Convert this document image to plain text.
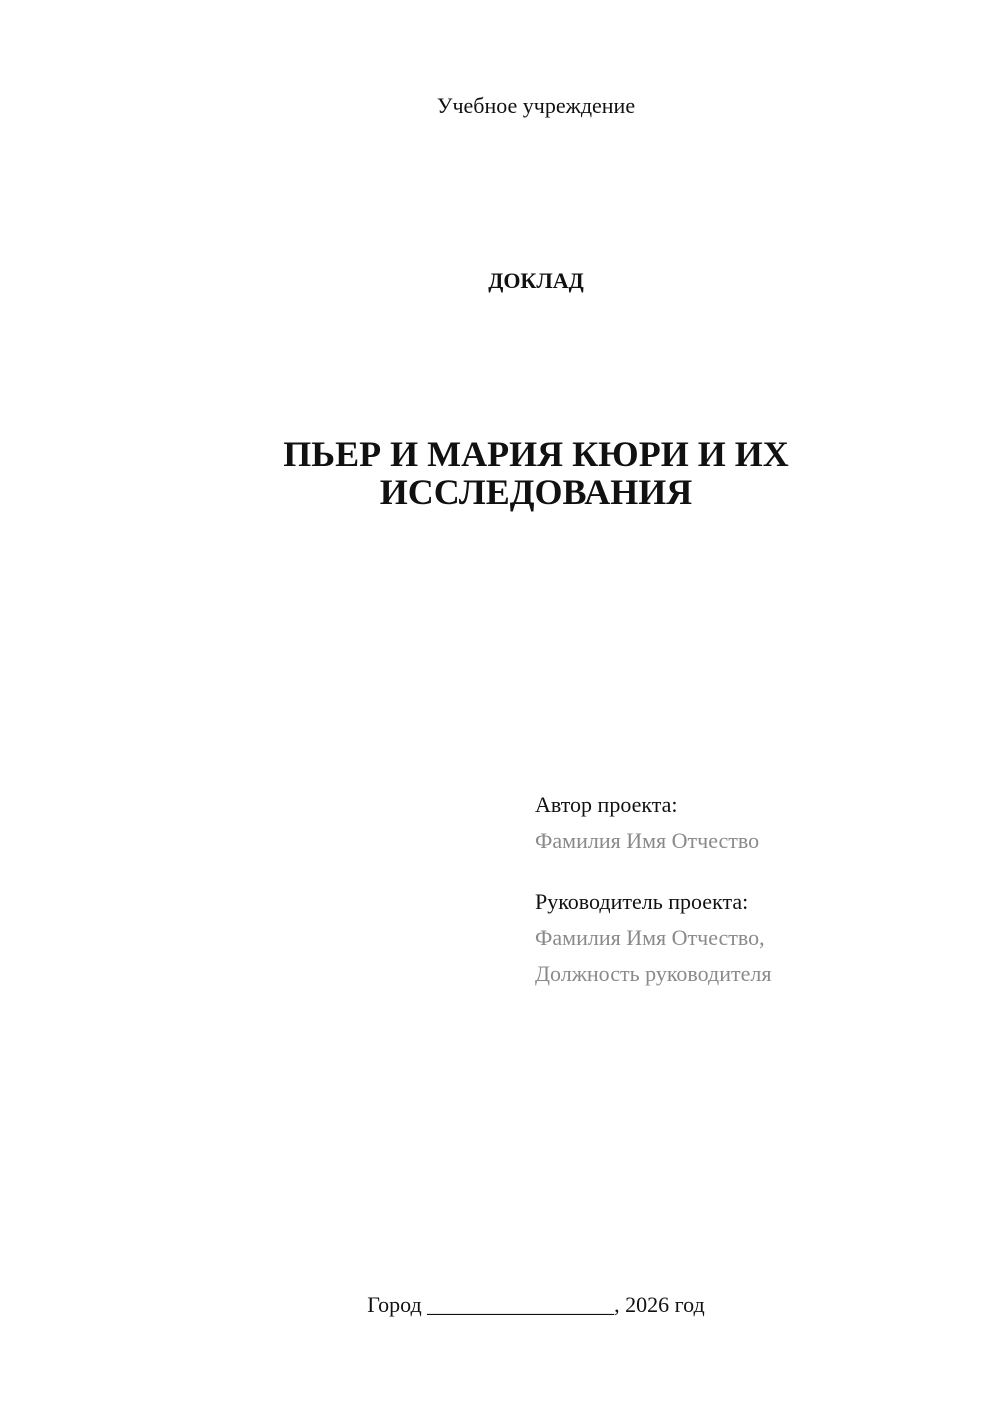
Учебное учреждение
ДОКЛАД
ПЬЕР И МАРИЯ КЮРИ И ИХ
ИССЛЕДОВАНИЯ
Автор проекта:
Фамилия Имя Отчество
Руководитель проекта:
Фамилия Имя Отчество,
Должность руководителя
Город _________________, 2026 год
